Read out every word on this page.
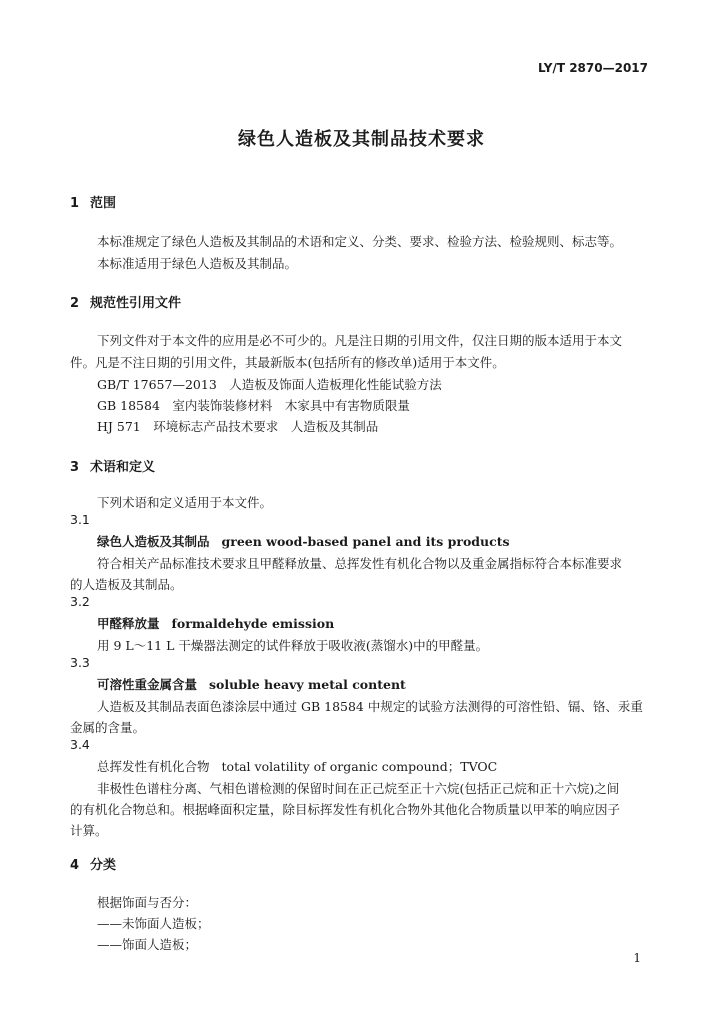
LY/T 2870—2017
绿色人造板及其制品技术要求
1 范围
本标准规定了绿色人造板及其制品的术语和定义、分类、要求、检验方法、检验规则、标志等。
本标准适用于绿色人造板及其制品。
2 规范性引用文件
下列文件对于本文件的应用是必不可少的。凡是注日期的引用文件，仅注日期的版本适用于本文
件。凡是不注日期的引用文件，其最新版本(包括所有的修改单)适用于本文件。
GB/T 17657—2013　人造板及饰面人造板理化性能试验方法
GB 18584　室内装饰装修材料　木家具中有害物质限量
HJ 571　环境标志产品技术要求　人造板及其制品
3 术语和定义
下列术语和定义适用于本文件。
3.1
绿色人造板及其制品 green wood-based panel and its products
符合相关产品标准技术要求且甲醛释放量、总挥发性有机化合物以及重金属指标符合本标准要求
的人造板及其制品。
3.2
甲醛释放量 formaldehyde emission
用 9 L～11 L 干燥器法测定的试件释放于吸收液(蒸馏水)中的甲醛量。
3.3
可溶性重金属含量 soluble heavy metal content
人造板及其制品表面色漆涂层中通过 GB 18584 中规定的试验方法测得的可溶性铅、镉、铬、汞重
金属的含量。
3.4
总挥发性有机化合物 total volatility of organic compound；TVOC
非极性色谱柱分离、气相色谱检测的保留时间在正己烷至正十六烷(包括正己烷和正十六烷)之间
的有机化合物总和。根据峰面积定量，除目标挥发性有机化合物外其他化合物质量以甲苯的响应因子
计算。
4 分类
根据饰面与否分：
——未饰面人造板；
——饰面人造板；
1
